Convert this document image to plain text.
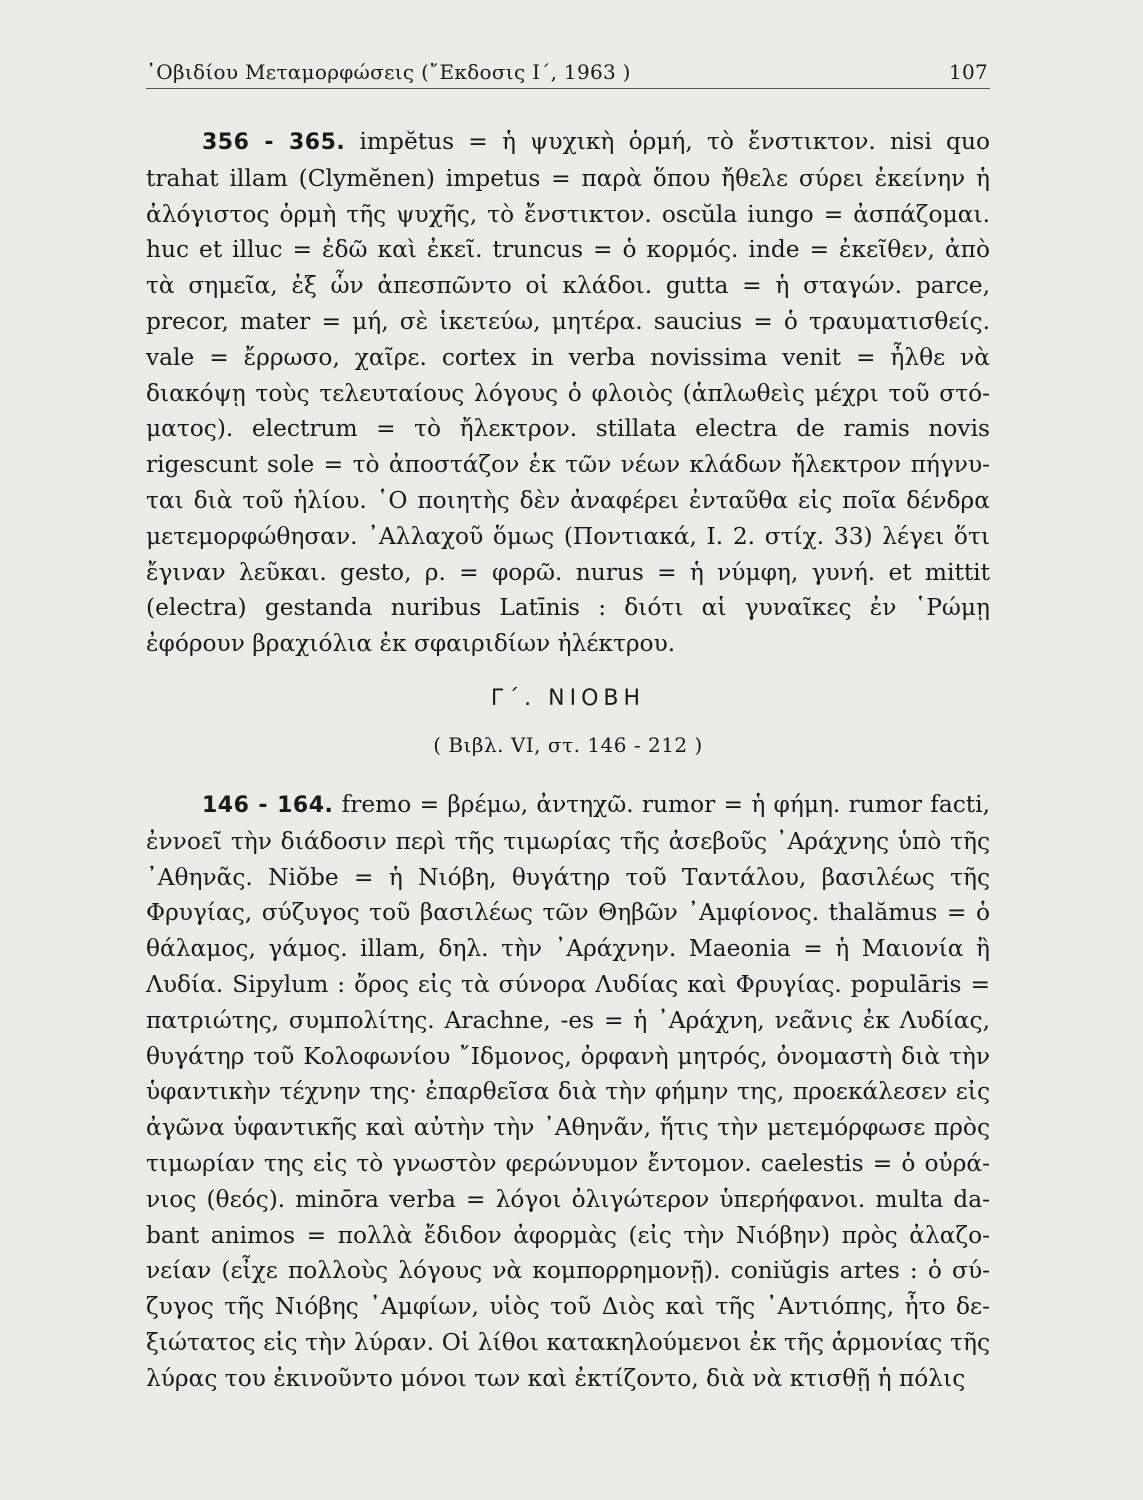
᾿Οβιδίου Μεταμορφώσεις (῎Εκδοσις Ι΄, 1963 )	107

356 - 365. impĕtus = ἡ ψυχικὴ ὁρμή, τὸ ἔνστικτον. nisi quo trahat illam (Clymĕnen) impetus = παρὰ ὅπου ἤθελε σύρει ἐκείνην ἡ ἀλόγιστος ὁρμὴ τῆς ψυχῆς, τὸ ἔνστικτον. oscŭla iungo = ἀσπάζομαι. huc et illuc = ἐδῶ καὶ ἐκεῖ. truncus = ὁ κορμός. inde = ἐκεῖθεν, ἀπὸ τὰ σημεῖα, ἐξ ὧν ἀπεσπῶντο οἱ κλάδοι. gutta = ἡ σταγών. parce, precor, mater = μή, σὲ ἱκετεύω, μητέρα. saucius = ὁ τραυματισθείς. vale = ἔρρωσο, χαῖρε. cortex in verba novissima venit = ἦλθε νὰ διακόψῃ τοὺς τελευταίους λόγους ὁ φλοιὸς (ἁπλωθεὶς μέχρι τοῦ στόματος). electrum = τὸ ἤλεκτρον. stillata electra de ramis novis rigescunt sole = τὸ ἀποστάζον ἐκ τῶν νέων κλάδων ἤλεκτρον πήγνυται διὰ τοῦ ἡλίου. ῾Ο ποιητὴς δὲν ἀναφέρει ἐνταῦθα εἰς ποῖα δένδρα μετεμορφώθησαν. ᾿Αλλαχοῦ ὅμως (Ποντιακά, Ι. 2. στίχ. 33) λέγει ὅτι ἔγιναν λεῦκαι. gesto, ρ. = φορῶ. nurus = ἡ νύμφη, γυνή. et mittit (electra) gestanda nuribus Latīnis : διότι αἱ γυναῖκες ἐν ῾Ρώμῃ ἐφόρουν βραχιόλια ἐκ σφαιριδίων ἠλέκτρου.

Γ΄. ΝΙΟΒΗ
( Βιβλ. VI, στ. 146 - 212 )

146 - 164. fremo = βρέμω, ἀντηχῶ. rumor = ἡ φήμη. rumor facti, ἐννοεῖ τὴν διάδοσιν περὶ τῆς τιμωρίας τῆς ἀσεβοῦς ᾿Αράχνης ὑπὸ τῆς ᾿Αθηνᾶς. Niŏbe = ἡ Νιόβη, θυγάτηρ τοῦ Ταντάλου, βασιλέως τῆς Φρυγίας, σύζυγος τοῦ βασιλέως τῶν Θηβῶν ᾿Αμφίονος. thalămus = ὁ θάλαμος, γάμος. illam, δηλ. τὴν ᾿Αράχνην. Maeonia = ἡ Μαιονία ἢ Λυδία. Sipylum : ὄρος εἰς τὰ σύνορα Λυδίας καὶ Φρυγίας. populāris = πατριώτης, συμπολίτης. Arachne, -es = ἡ ᾿Αράχνη, νεᾶνις ἐκ Λυδίας, θυγάτηρ τοῦ Κολοφωνίου ῎Ιδμονος, ὀρφανὴ μητρός, ὀνομαστὴ διὰ τὴν ὑφαντικὴν τέχνην της· ἐπαρθεῖσα διὰ τὴν φήμην της, προεκάλεσεν εἰς ἀγῶνα ὑφαντικῆς καὶ αὐτὴν τὴν ᾿Αθηνᾶν, ἥτις τὴν μετεμόρφωσε πρὸς τιμωρίαν της εἰς τὸ γνωστὸν φερώνυμον ἔντομον. caelestis = ὁ οὐράνιος (θεός). minōra verba = λόγοι ὀλιγώτερον ὑπερήφανοι. multa dabant animos = πολλὰ ἔδιδον ἀφορμὰς (εἰς τὴν Νιόβην) πρὸς ἀλαζονείαν (εἶχε πολλοὺς λόγους νὰ κομπορρημονῇ). coniŭgis artes : ὁ σύζυγος τῆς Νιόβης ᾿Αμφίων, υἱὸς τοῦ Διὸς καὶ τῆς ᾿Αντιόπης, ἦτο δεξιώτατος εἰς τὴν λύραν. Οἱ λίθοι κατακηλούμενοι ἐκ τῆς ἁρμονίας τῆς λύρας του ἐκινοῦντο μόνοι των καὶ ἐκτίζοντο, διὰ νὰ κτισθῇ ἡ πόλις
